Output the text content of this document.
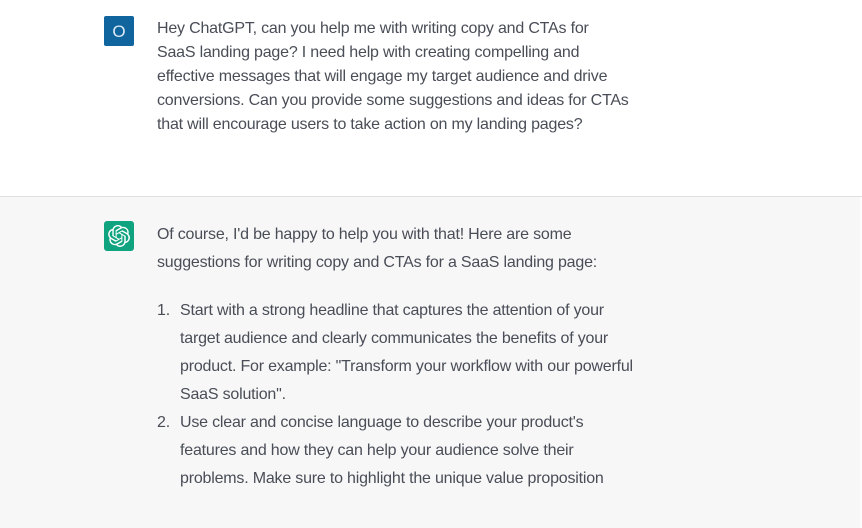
O Hey ChatGPT, can you help me with writing copy and CTAs for SaaS landing page? I need help with creating compelling and effective messages that will engage my target audience and drive conversions. Can you provide some suggestions and ideas for CTAs that will encourage users to take action on my landing pages?

Of course, I'd be happy to help you with that! Here are some suggestions for writing copy and CTAs for a SaaS landing page:

1. Start with a strong headline that captures the attention of your target audience and clearly communicates the benefits of your product. For example: "Transform your workflow with our powerful SaaS solution".
2. Use clear and concise language to describe your product's features and how they can help your audience solve their problems. Make sure to highlight the unique value proposition
